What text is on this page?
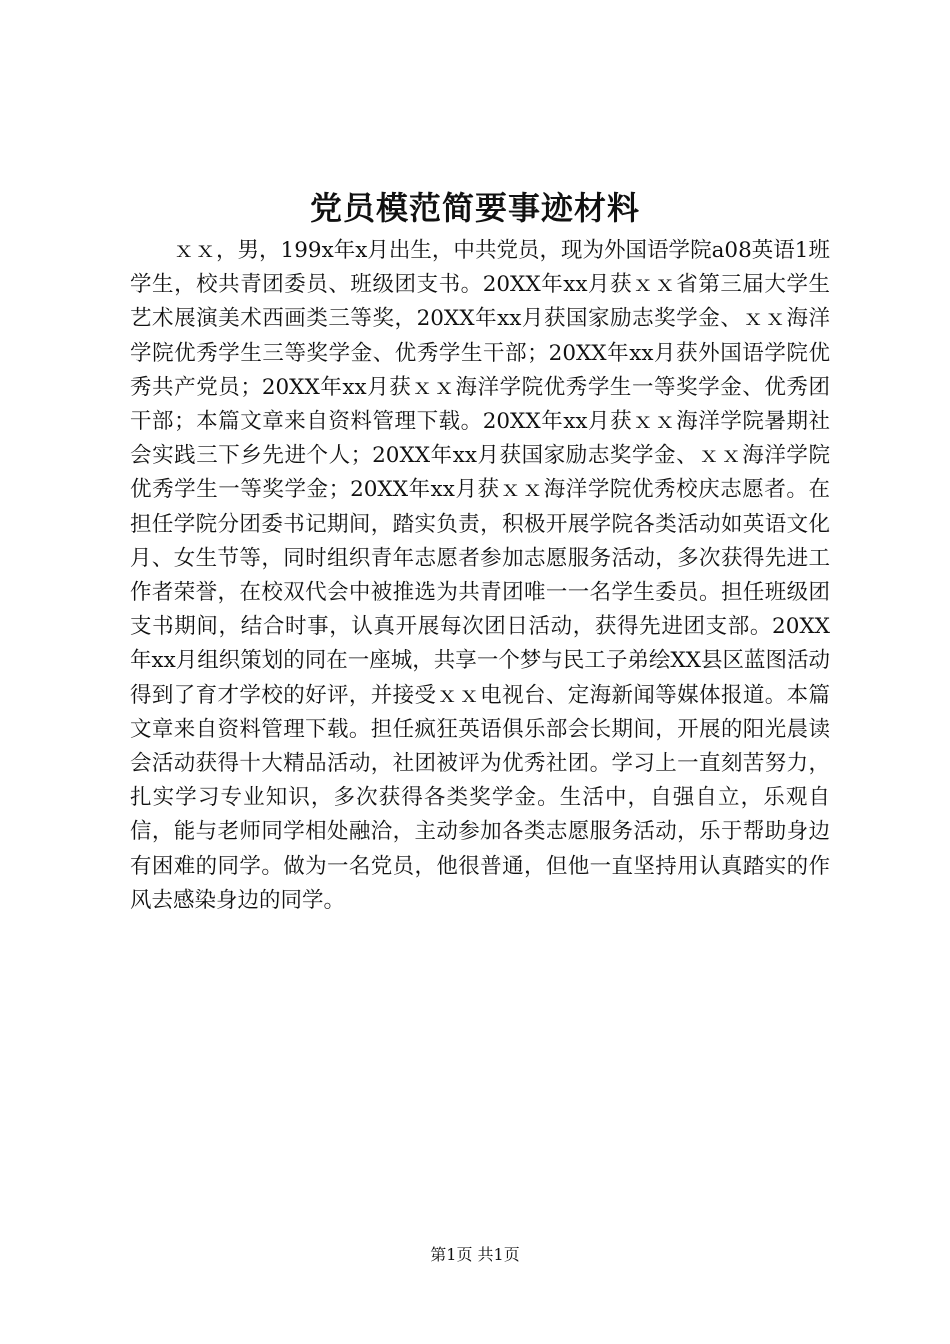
党员模范简要事迹材料

ｘｘ，男，199x年x月出生，中共党员，现为外国语学院a08英语1班学生，校共青团委员、班级团支书。20XX年xx月获ｘｘ省第三届大学生艺术展演美术西画类三等奖，20XX年xx月获国家励志奖学金、ｘｘ海洋学院优秀学生三等奖学金、优秀学生干部；20XX年xx月获外国语学院优秀共产党员；20XX年xx月获ｘｘ海洋学院优秀学生一等奖学金、优秀团干部；本篇文章来自资料管理下载。20XX年xx月获ｘｘ海洋学院暑期社会实践三下乡先进个人；20XX年xx月获国家励志奖学金、ｘｘ海洋学院优秀学生一等奖学金；20XX年xx月获ｘｘ海洋学院优秀校庆志愿者。在担任学院分团委书记期间，踏实负责，积极开展学院各类活动如英语文化月、女生节等，同时组织青年志愿者参加志愿服务活动，多次获得先进工作者荣誉，在校双代会中被推选为共青团唯一一名学生委员。担任班级团支书期间，结合时事，认真开展每次团日活动，获得先进团支部。20XX年xx月组织策划的同在一座城，共享一个梦与民工子弟绘XX县区蓝图活动得到了育才学校的好评，并接受ｘｘ电视台、定海新闻等媒体报道。本篇文章来自资料管理下载。担任疯狂英语俱乐部会长期间，开展的阳光晨读会活动获得十大精品活动，社团被评为优秀社团。学习上一直刻苦努力，扎实学习专业知识，多次获得各类奖学金。生活中，自强自立，乐观自信，能与老师同学相处融洽，主动参加各类志愿服务活动，乐于帮助身边有困难的同学。做为一名党员，他很普通，但他一直坚持用认真踏实的作风去感染身边的同学。

第1页 共1页
